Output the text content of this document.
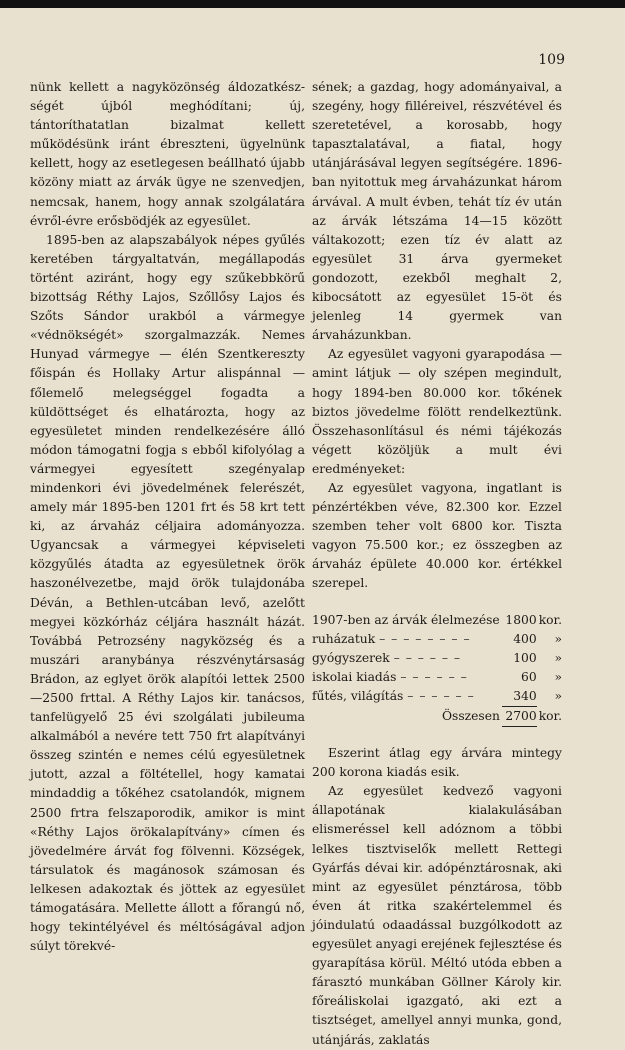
109

nünk kellett a nagyközönség áldozatkész-ségét újból meghódítani; új, tántoríthatatlan bizalmat kellett működésünk iránt ébreszteni, ügyelnünk kellett, hogy az esetlegesen beállható újabb közöny miatt az árvák ügye ne szenvedjen, nemcsak, hanem, hogy annak szolgálatára évről-évre erősbödjék az egyesület.

1895-ben az alapszabályok népes gyűlés keretében tárgyaltatván, megállapodás történt aziránt, hogy egy szűkebbkörű bizottság Réthy Lajos, Szőllősy Lajos és Szőts Sándor urakból a vármegye «védnökségét» szorgalmazzák. Nemes Hunyad vármegye — élén Szentkereszty főispán és Hollaky Artur alispánnal — főlemelő melegséggel fogadta a küldöttséget és elhatározta, hogy az egyesületet minden rendelkezésére álló módon támogatni fogja s ebből kifolyólag a vármegyei egyesített szegényalap mindenkori évi jövedelmének felerészét, amely már 1895-ben 1201 frt és 58 krt tett ki, az árvaház céljaira adományozza. Ugyancsak a vármegyei képviseleti közgyűlés átadta az egyesületnek örök haszonélvezetbe, majd örök tulajdonába Déván, a Bethlen-utcában levő, azelőtt megyei közkórház céljára használt házát. Továbbá Petrozsény nagyközség és a muszári aranybánya részvénytársaság Brádon, az eglyet örök alapítói lettek 2500—2500 frttal. A Réthy Lajos kir. tanácsos, tanfelügyelő 25 évi szolgálati jubileuma alkalmából a nevére tett 750 frt alapítványi összeg szintén e nemes célú egyesületnek jutott, azzal a föltétellel, hogy kamatai mindaddig a tőkéhez csatolandók, mignem 2500 frtra felszaporodik, amikor is mint «Réthy Lajos örökalapítvány» címen és jövedelmére árvát fog fölvenni. Községek, társulatok és magánosok számosan és lelkesen adakoztak és jöttek az egyesület támogatására. Mellette állott a főrangú nő, hogy tekintélyével és méltóságával adjon súlyt törekvé-

sének; a gazdag, hogy adományaival, a szegény, hogy filléreivel, részvétével és szeretetével, a korosabb, hogy tapasztalatával, a fiatal, hogy utánjárásával legyen segítségére. 1896-ban nyitottuk meg árvaházunkat három árvával. A mult évben, tehát tíz év után az árvák létszáma 14—15 között váltakozott; ezen tíz év alatt az egyesület 31 árva gyermeket gondozott, ezekből meghalt 2, kibocsátott az egyesület 15-öt és jelenleg 14 gyermek van árvaházunkban.

Az egyesület vagyoni gyarapodása — amint látjuk — oly szépen megindult, hogy 1894-ben 80.000 kor. tőkének biztos jövedelme fölött rendelkeztünk. Összehasonlításul és némi tájékozás végett közöljük a mult évi eredményeket:

Az egyesület vagyona, ingatlant is pénzértékben véve, 82.300 kor. Ezzel szemben teher volt 6800 kor. Tiszta vagyon 75.500 kor.; ez összegben az árvaház épülete 40.000 kor. értékkel szerepel.

1907-ben az árvák élelmezése	1800	kor.
ruházatuk – – – – – – – –	400	»
gyógyszerek – – – – – –	100	»
iskolai kiadás – – – – – –	60	»
fűtés, világítás – – – – – –	340	»
Összesen	2700	kor.

Eszerint átlag egy árvára mintegy 200 korona kiadás esik.

Az egyesület kedvező vagyoni állapotának kialakulásában elismeréssel kell adóznom a többi lelkes tisztviselők mellett Rettegi Gyárfás dévai kir. adópénztárosnak, aki mint az egyesület pénztárosa, több éven át ritka szakértelemmel és jóindulatú odaadással buzgólkodott az egyesület anyagi erejének fejlesztése és gyarapítása körül. Méltó utóda ebben a fárasztó munkában Göllner Károly kir. főreáliskolai igazgató, aki ezt a tisztséget, amellyel annyi munka, gond, utánjárás, zaklatás
